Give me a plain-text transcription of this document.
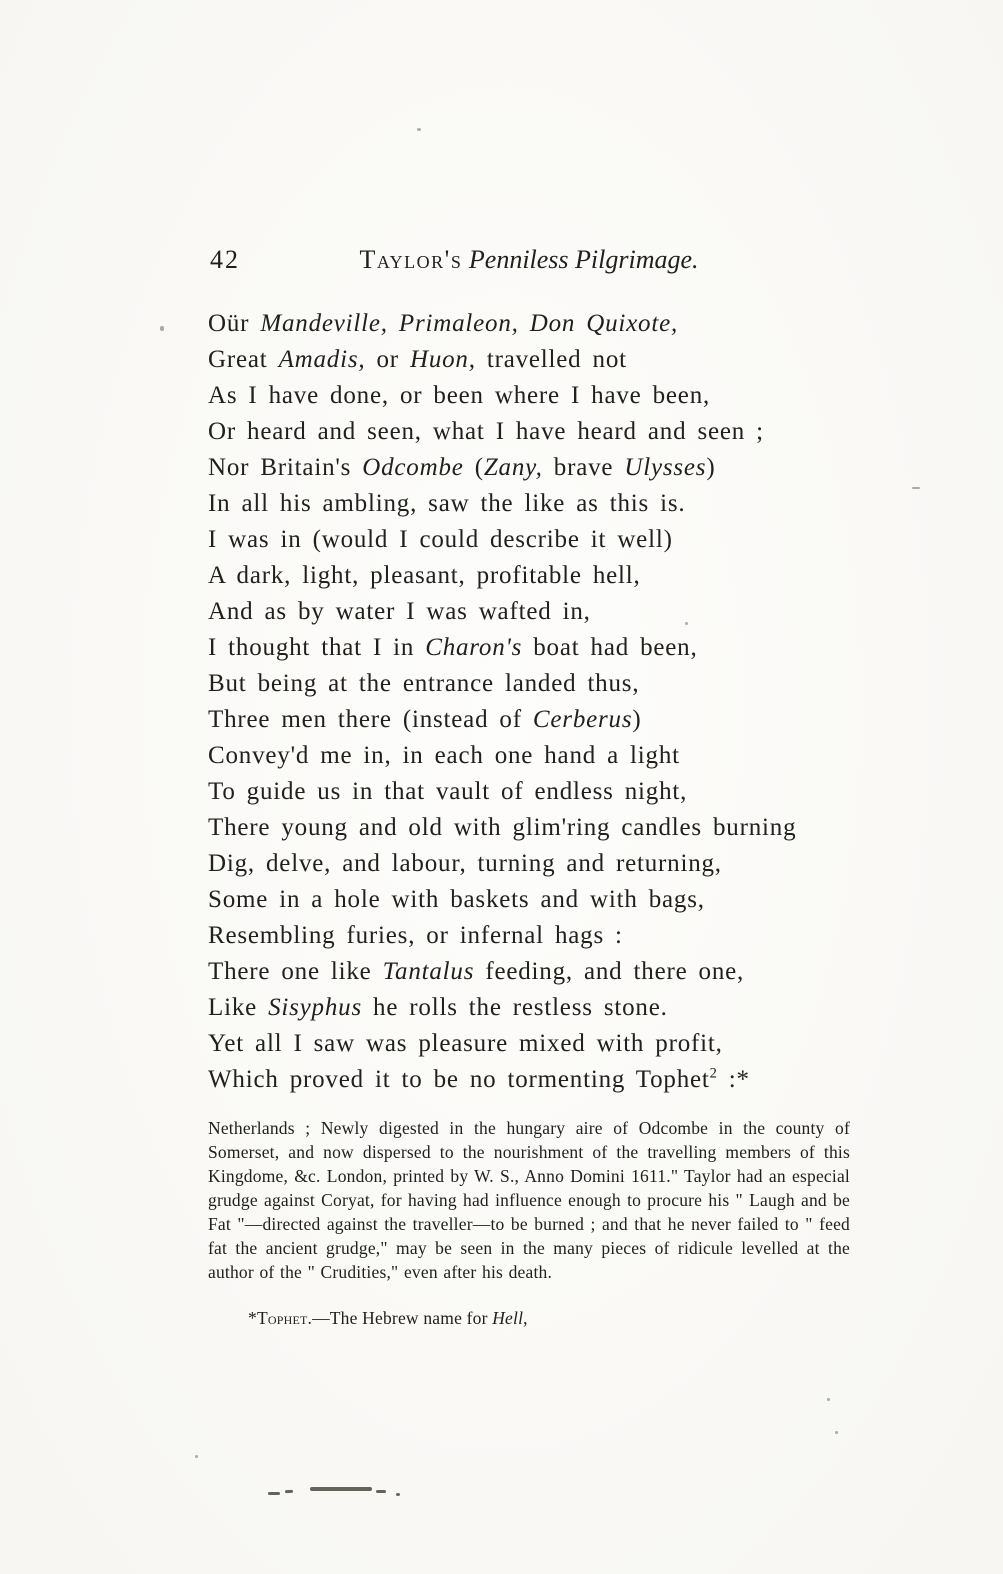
42	Taylor's Penniless Pilgrimage.
Oür Mandeville, Primaleon, Don Quixote,
Great Amadis, or Huon, travelled not
As I have done, or been where I have been,
Or heard and seen, what I have heard and seen ;
Nor Britain's Odcombe (Zany, brave Ulysses)
In all his ambling, saw the like as this is.
I was in (would I could describe it well)
A dark, light, pleasant, profitable hell,
And as by water I was wafted in,
I thought that I in Charon's boat had been,
But being at the entrance landed thus,
Three men there (instead of Cerberus)
Convey'd me in, in each one hand a light
To guide us in that vault of endless night,
There young and old with glim'ring candles burning
Dig, delve, and labour, turning and returning,
Some in a hole with baskets and with bags,
Resembling furies, or infernal hags :
There one like Tantalus feeding, and there one,
Like Sisyphus he rolls the restless stone.
Yet all I saw was pleasure mixed with profit,
Which proved it to be no tormenting Tophet$^2$ :*

Netherlands ; Newly digested in the hungary aire of Odcombe in the county of Somerset, and now dispersed to the nourishment of the travelling members of this Kingdome, &c. London, printed by W. S., Anno Domini 1611." Taylor had an especial grudge against Coryat, for having had influence enough to procure his " Laugh and be Fat "—directed against the traveller—to be burned ; and that he never failed to " feed fat the ancient grudge," may be seen in the many pieces of ridicule levelled at the author of the " Crudities," even after his death.

*Tophet.—The Hebrew name for Hell,
